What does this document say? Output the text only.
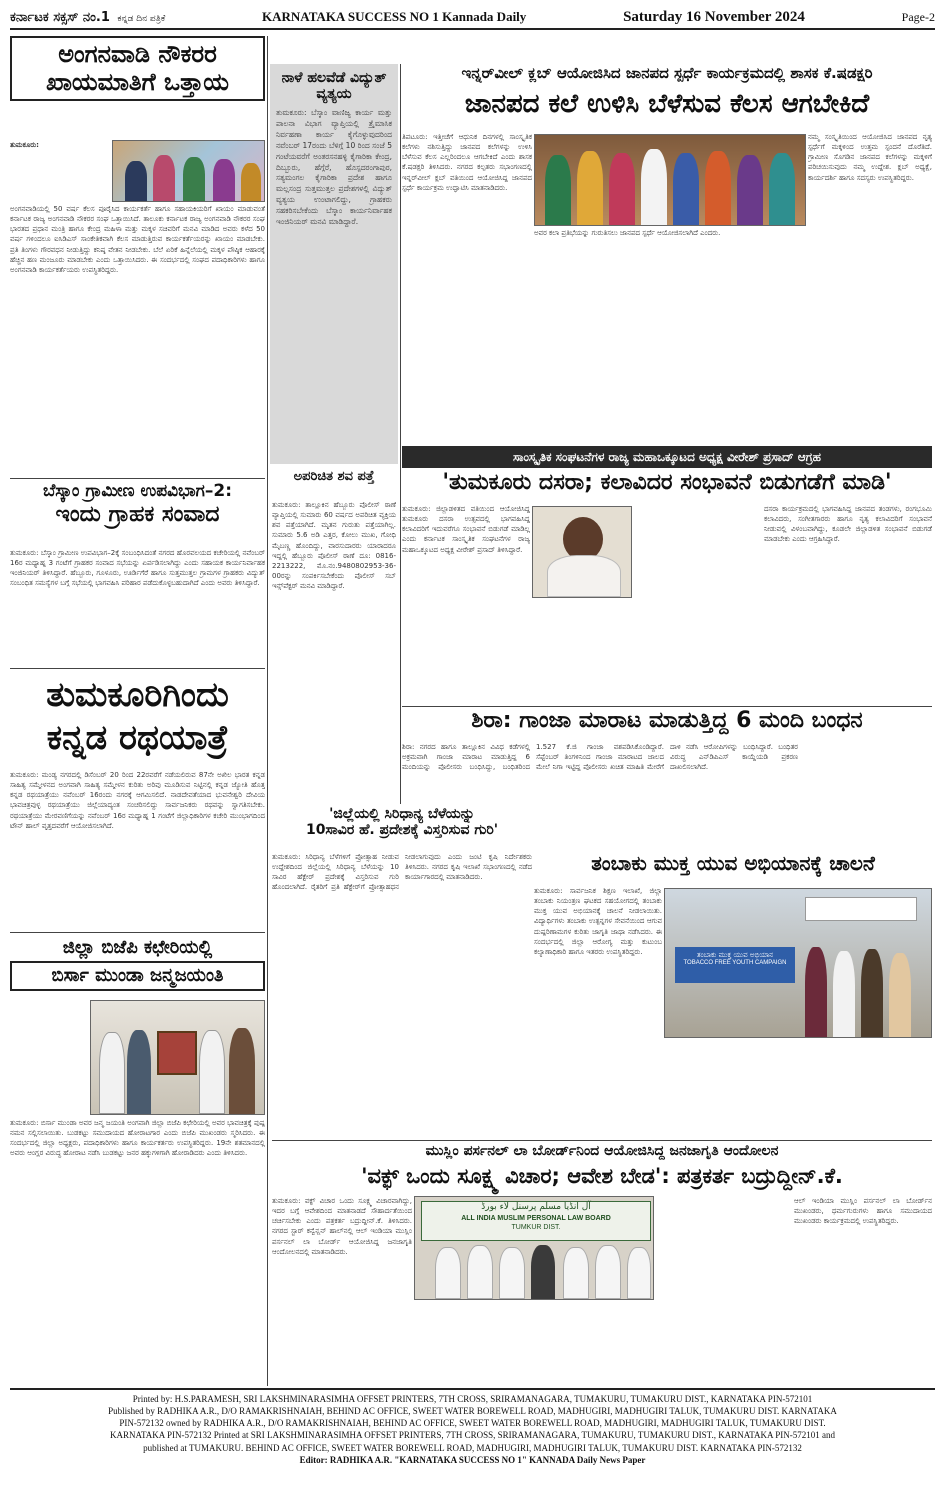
ಕರ್ನಾಟಕ ಸಕ್ಸಸ್ ನಂ.1 ಕನ್ನಡ ದಿನ ಪತ್ರಿಕೆ	KARNATAKA SUCCESS NO 1 Kannada Daily	Saturday 16 November 2024	Page-2
ಅಂಗನವಾಡಿ ನೌಕರರ
ಖಾಯಮಾತಿಗೆ ಒತ್ತಾಯ
ತುಮಕೂರು:
ಅಂಗನವಾಡಿಯಲ್ಲಿ 50 ವರ್ಷ ಕೆಲಸ ಪೂರೈಸಿದ ಕಾರ್ಯಕರ್ತೆ ಹಾಗೂ ಸಹಾಯಕಿಯರಿಗೆ ಖಾಯಂ ಮಾಡುವಂತೆ ಕರ್ನಾಟಕ ರಾಜ್ಯ ಅಂಗನವಾಡಿ ನೌಕರರ ಸಂಘ ಒತ್ತಾಯಿಸಿದೆ. ತಾಲೂಕು ಕರ್ನಾಟಕ ರಾಜ್ಯ ಅಂಗನವಾಡಿ ನೌಕರರ ಸಂಘ ಭಾರತದ ಪ್ರಧಾನ ಮಂತ್ರಿ ಹಾಗೂ ಕೇಂದ್ರ ಮಹಿಳಾ ಮತ್ತು ಮಕ್ಕಳ ಸಚಿವರಿಗೆ ಮನವಿ ಮಾಡಿದ ಅವರು ಕಳೆದ 50 ವರ್ಷ ಗಳಿಂದಲೂ ಐಸಿಡಿಎಸ್ ಸಾಂಕೇತಿಕವಾಗಿ ಕೆಲಸ ಮಾಡುತ್ತಿರುವ ಕಾರ್ಯಕರ್ತೆಯರನ್ನು ಖಾಯಂ ಮಾಡಬೇಕು. ಪ್ರತಿ ತಿಂಗಳು ಗೌರವಧನ ನೀಡುತ್ತಿದ್ದು ಕನಿಷ್ಠ ವೇತನ ನೀಡಬೇಕು. ಬೆಲೆ ಏರಿಕೆ ಹಿನ್ನೆಲೆಯಲ್ಲಿ ಮಕ್ಕಳ ಪೌಷ್ಠಿಕ ಆಹಾರಕ್ಕೆ ಹೆಚ್ಚಿನ ಹಣ ಮಂಜೂರು ಮಾಡಬೇಕು ಎಂದು ಒತ್ತಾಯಿಸಿದರು. ಈ ಸಂದರ್ಭದಲ್ಲಿ ಸಂಘದ ಪದಾಧಿಕಾರಿಗಳು ಹಾಗೂ ಅಂಗನವಾಡಿ ಕಾರ್ಯಕರ್ತೆಯರು ಉಪಸ್ಥಿತರಿದ್ದರು.
ಬೆಸ್ಕಾಂ ಗ್ರಾಮೀಣ ಉಪವಿಭಾಗ–2:
ಇಂದು ಗ್ರಾಹಕ ಸಂವಾದ
ತುಮಕೂರು: ಬೆಸ್ಕಾಂ ಗ್ರಾಮೀಣ ಉಪವಿಭಾಗ–2ಕ್ಕೆ ಸಂಬಂಧಿಸಿದಂತೆ ನಗರದ ಹೊರವಲಯದ ಕಚೇರಿಯಲ್ಲಿ ನವೆಂಬರ್ 16ರ ಮಧ್ಯಾಹ್ನ 3 ಗಂಟೆಗೆ ಗ್ರಾಹಕರ ಸಂವಾದ ಸಭೆಯನ್ನು ಏರ್ಪಡಿಸಲಾಗಿದ್ದು ಎಂದು ಸಹಾಯಕ ಕಾರ್ಯನಿರ್ವಾಹಕ ಇಂಜಿನಿಯರ್ ತಿಳಿಸಿದ್ದಾರೆ. ಹೆಬ್ಬೂರು, ಗೂಳೂರು, ಊರ್ಡಿಗೆರೆ ಹಾಗೂ ಸುತ್ತಮುತ್ತಲ ಗ್ರಾಮಗಳ ಗ್ರಾಹಕರು ವಿದ್ಯುತ್ ಸಂಬಂಧಿತ ಸಮಸ್ಯೆಗಳ ಬಗ್ಗೆ ಸಭೆಯಲ್ಲಿ ಭಾಗವಹಿಸಿ ಪರಿಹಾರ ಪಡೆದುಕೊಳ್ಳಬಹುದಾಗಿದೆ ಎಂದು ಅವರು ತಿಳಿಸಿದ್ದಾರೆ.
ತುಮಕೂರಿಗಿಂದು
ಕನ್ನಡ ರಥಯಾತ್ರೆ
ತುಮಕೂರು: ಮಂಡ್ಯ ನಗರದಲ್ಲಿ ಡಿಸೆಂಬರ್ 20 ರಿಂದ 22ರವರೆಗೆ ನಡೆಯಲಿರುವ 87ನೇ ಅಖಿಲ ಭಾರತ ಕನ್ನಡ ಸಾಹಿತ್ಯ ಸಮ್ಮೇಳನದ ಅಂಗವಾಗಿ ಸಾಹಿತ್ಯ ಸಮ್ಮೇಳನ ಕುರಿತು ಅರಿವು ಮೂಡಿಸುವ ನಿಟ್ಟಿನಲ್ಲಿ ಕನ್ನಡ ಜ್ಯೋತಿ ಹೊತ್ತ ಕನ್ನಡ ರಥಯಾತ್ರೆಯು ನವೆಂಬರ್ 16ರಂದು ನಗರಕ್ಕೆ ಆಗಮಿಸಲಿದೆ. ನಾಡದೇವತೆಯಾದ ಭುವನೇಶ್ವರಿ ದೇವಿಯ ಭಾವಚಿತ್ರವುಳ್ಳ ರಥಯಾತ್ರೆಯು ಜಿಲ್ಲೆಯಾದ್ಯಂತ ಸಂಚರಿಸಲಿದ್ದು ಸಾರ್ವಜನಿಕರು ರಥವನ್ನು ಸ್ವಾಗತಿಸಬೇಕು. ರಥಯಾತ್ರೆಯು ಮೇರವಣಿಗೆಯನ್ನು ನವೆಂಬರ್ 16ರ ಮಧ್ಯಾಹ್ನ 1 ಗಂಟೆಗೆ ಜಿಲ್ಲಾಧಿಕಾರಿಗಳ ಕಚೇರಿ ಮುಂಭಾಗದಿಂದ ಟೌನ್ ಹಾಲ್ ವೃತ್ತದವರೆಗೆ ಆಯೋಜಿಸಲಾಗಿದೆ.
ಜಿಲ್ಲಾ ಬಿಜೆಪಿ ಕಛೇರಿಯಲ್ಲಿ
ಬಿರ್ಸಾ ಮುಂಡಾ ಜನ್ಮಜಯಂತಿ
ತುಮಕೂರು: ಬಿರ್ಸಾ ಮುಂಡಾ ಅವರ ಜನ್ಮ ಜಯಂತಿ ಅಂಗವಾಗಿ ಜಿಲ್ಲಾ ಬಿಜೆಪಿ ಕಛೇರಿಯಲ್ಲಿ ಅವರ ಭಾವಚಿತ್ರಕ್ಕೆ ಪುಷ್ಪ ನಮನ ಸಲ್ಲಿಸಲಾಯಿತು. ಬುಡಕಟ್ಟು ಸಮುದಾಯದ ಹೋರಾಟಗಾರ ಎಂದು ಬಿಜೆಪಿ ಮುಖಂಡರು ಸ್ಮರಿಸಿದರು. ಈ ಸಂದರ್ಭದಲ್ಲಿ ಜಿಲ್ಲಾ ಅಧ್ಯಕ್ಷರು, ಪದಾಧಿಕಾರಿಗಳು ಹಾಗೂ ಕಾರ್ಯಕರ್ತರು ಉಪಸ್ಥಿತರಿದ್ದರು. 19ನೇ ಶತಮಾನದಲ್ಲಿ ಅವರು ಆಂಗ್ಲರ ವಿರುದ್ಧ ಹೋರಾಟ ನಡೆಸಿ ಬುಡಕಟ್ಟು ಜನರ ಹಕ್ಕುಗಳಿಗಾಗಿ ಹೋರಾಡಿದರು ಎಂದು ತಿಳಿಸಿದರು.
ನಾಳೆ ಹಲವೆಡೆ ವಿದ್ಯುತ್ ವ್ಯತ್ಯಯ
ತುಮಕೂರು: ಬೆಸ್ಕಾಂ ವಾಣಿಜ್ಯ ಕಾರ್ಯ ಮತ್ತು ಪಾಲನಾ ವಿಭಾಗ ವ್ಯಾಪ್ತಿಯಲ್ಲಿ ತ್ರೈಮಾಸಿಕ ನಿರ್ವಹಣಾ ಕಾರ್ಯ ಕೈಗೊಳ್ಳುವುದರಿಂದ ನವೆಂಬರ್ 17ರಂದು ಬೆಳಿಗ್ಗೆ 10 ರಿಂದ ಸಂಜೆ 5 ಗಂಟೆಯವರೆಗೆ ಅಂತರಸನಹಳ್ಳಿ ಕೈಗಾರಿಕಾ ಕೇಂದ್ರ, ದಿಬ್ಬೂರು, ಹೆಗ್ಗೆರೆ, ಹೊಸ್ಪದರಂಗಾಪುರ, ಸತ್ಯಮಂಗಲ ಕೈಗಾರಿಕಾ ಪ್ರದೇಶ ಹಾಗೂ ಮಲ್ಲಸಂದ್ರ ಸುತ್ತಮುತ್ತಲ ಪ್ರದೇಶಗಳಲ್ಲಿ ವಿದ್ಯುತ್ ವ್ಯತ್ಯಯ ಉಂಟಾಗಲಿದ್ದು, ಗ್ರಾಹಕರು ಸಹಕರಿಸಬೇಕೆಂದು ಬೆಸ್ಕಾಂ ಕಾರ್ಯನಿರ್ವಾಹಕ ಇಂಜಿನಿಯರ್ ಮನವಿ ಮಾಡಿದ್ದಾರೆ.
ಅಪರಿಚಿತ ಶವ ಪತ್ತೆ
ತುಮಕೂರು: ತಾಲ್ಲೂಕಿನ ಹೆಬ್ಬೂರು ಪೊಲೀಸ್ ಠಾಣೆ ವ್ಯಾಪ್ತಿಯಲ್ಲಿ ಸುಮಾರು 60 ವರ್ಷದ ಅಪರಿಚಿತ ವ್ಯಕ್ತಿಯ ಶವ ಪತ್ತೆಯಾಗಿದೆ. ಮೃತನ ಗುರುತು ಪತ್ತೆಯಾಗಿಲ್ಲ. ಸುಮಾರು 5.6 ಅಡಿ ಎತ್ತರ, ಕೋಲು ಮುಖ, ಗೋಧಿ ಮೈಬಣ್ಣ ಹೊಂದಿದ್ದು, ವಾರಸುದಾರರು ಯಾರಾದರೂ ಇದ್ದಲ್ಲಿ ಹೆಬ್ಬೂರು ಪೊಲೀಸ್ ಠಾಣೆ ದೂ: 0816-2213222, ಮೊ.ನಂ.9480802953-36-00ರನ್ನು ಸಂಪರ್ಕಿಸಬೇಕೆಂದು ಪೊಲೀಸ್ ಸಬ್ ಇನ್ಸ್‌ಪೆಕ್ಟರ್ ಮನವಿ ಮಾಡಿದ್ದಾರೆ.
ಇನ್ನರ್‌ವೀಲ್ ಕ್ಲಬ್ ಆಯೋಜಿಸಿದ ಜಾನಪದ ಸ್ಪರ್ಧೆ ಕಾರ್ಯಕ್ರಮದಲ್ಲಿ ಶಾಸಕ ಕೆ.ಷಡಕ್ಷರಿ
ಜಾನಪದ ಕಲೆ ಉಳಿಸಿ ಬೆಳೆಸುವ ಕೆಲಸ ಆಗಬೇಕಿದೆ
ತಿಪಟೂರು: ಇತ್ತೀಚೆಗೆ ಆಧುನಿಕ ದಿನಗಳಲ್ಲಿ ಸಾಂಸ್ಕೃತಿಕ ಕಲೆಗಳು ನಶಿಸುತ್ತಿದ್ದು ಜಾನಪದ ಕಲೆಗಳನ್ನು ಉಳಿಸಿ ಬೆಳೆಸುವ ಕೆಲಸ ಎಲ್ಲರಿಂದಲೂ ಆಗಬೇಕಿದೆ ಎಂದು ಶಾಸಕ ಕೆ.ಷಡಕ್ಷರಿ ತಿಳಿಸಿದರು. ನಗರದ ಕಲ್ಪತರು ಸಭಾಂಗಣದಲ್ಲಿ ಇನ್ನರ್‌ವೀಲ್ ಕ್ಲಬ್ ವತಿಯಿಂದ ಆಯೋಜಿಸಿದ್ದ ಜಾನಪದ ಸ್ಪರ್ಧೆ ಕಾರ್ಯಕ್ರಮ ಉದ್ಘಾಟಿಸಿ ಮಾತನಾಡಿದರು.
ಅವರ ಕಲಾ ಪ್ರತಿಭೆಯನ್ನು ಗುರುತಿಸಲು ಜಾನಪದ ಸ್ಪರ್ಧೆ ಆಯೋಜಿಸಲಾಗಿದೆ ಎಂದರು.
ನಮ್ಮ ಸಂಸ್ಕೃತಿಯಿಂದ ಆಯೋಜಿಸಿದ ಜಾನಪದ ನೃತ್ಯ ಸ್ಪರ್ಧೆಗೆ ಮಕ್ಕಳಿಂದ ಉತ್ತಮ ಸ್ಪಂದನೆ ದೊರೆತಿದೆ. ಗ್ರಾಮೀಣ ಸೊಗಡಿನ ಜಾನಪದ ಕಲೆಗಳನ್ನು ಮಕ್ಕಳಿಗೆ ಪರಿಚಯಿಸುವುದು ನಮ್ಮ ಉದ್ದೇಶ. ಕ್ಲಬ್ ಅಧ್ಯಕ್ಷೆ, ಕಾರ್ಯದರ್ಶಿ ಹಾಗೂ ಸದಸ್ಯರು ಉಪಸ್ಥಿತರಿದ್ದರು.
ಸಾಂಸ್ಕೃತಿಕ ಸಂಘಟನೆಗಳ ರಾಜ್ಯ ಮಹಾಒಕ್ಕೂಟದ ಅಧ್ಯಕ್ಷ ವೀರೇಶ್ ಪ್ರಸಾದ್ ಆಗ್ರಹ
'ತುಮಕೂರು ದಸರಾ; ಕಲಾವಿದರ ಸಂಭಾವನೆ ಬಿಡುಗಡೆಗೆ ಮಾಡಿ'
ತುಮಕೂರು: ಜಿಲ್ಲಾಡಳಿತದ ವತಿಯಿಂದ ಆಯೋಜಿಸಿದ್ದ ತುಮಕೂರು ದಸರಾ ಉತ್ಸವದಲ್ಲಿ ಭಾಗವಹಿಸಿದ್ದ ಕಲಾವಿದರಿಗೆ ಇದುವರೆಗೂ ಸಂಭಾವನೆ ಬಿಡುಗಡೆ ಮಾಡಿಲ್ಲ ಎಂದು ಕರ್ನಾಟಕ ಸಾಂಸ್ಕೃತಿಕ ಸಂಘಟನೆಗಳ ರಾಜ್ಯ ಮಹಾಒಕ್ಕೂಟದ ಅಧ್ಯಕ್ಷ ವೀರೇಶ್ ಪ್ರಸಾದ್ ತಿಳಿಸಿದ್ದಾರೆ.
ದಸರಾ ಕಾರ್ಯಕ್ರಮದಲ್ಲಿ ಭಾಗವಹಿಸಿದ್ದ ಜಾನಪದ ತಂಡಗಳು, ರಂಗಭೂಮಿ ಕಲಾವಿದರು, ಸಂಗೀತಗಾರರು ಹಾಗೂ ನೃತ್ಯ ಕಲಾವಿದರಿಗೆ ಸಂಭಾವನೆ ನೀಡುವಲ್ಲಿ ವಿಳಂಬವಾಗಿದ್ದು, ಕೂಡಲೇ ಜಿಲ್ಲಾಡಳಿತ ಸಂಭಾವನೆ ಬಿಡುಗಡೆ ಮಾಡಬೇಕು ಎಂದು ಆಗ್ರಹಿಸಿದ್ದಾರೆ.
ಶಿರಾ: ಗಾಂಜಾ ಮಾರಾಟ ಮಾಡುತ್ತಿದ್ದ 6 ಮಂದಿ ಬಂಧನ
ಶಿರಾ: ನಗರದ ಹಾಗೂ ತಾಲ್ಲೂಕಿನ ವಿವಿಧ ಕಡೆಗಳಲ್ಲಿ ಅಕ್ರಮವಾಗಿ ಗಾಂಜಾ ಮಾರಾಟ ಮಾಡುತ್ತಿದ್ದ 6 ಮಂದಿಯನ್ನು ಪೊಲೀಸರು ಬಂಧಿಸಿದ್ದು, ಬಂಧಿತರಿಂದ 1.527 ಕೆ.ಜಿ ಗಾಂಜಾ ವಶಪಡಿಸಿಕೊಂಡಿದ್ದಾರೆ. ಸೆಪ್ಟೆಂಬರ್ ತಿಂಗಳಿನಿಂದ ಗಾಂಜಾ ಮಾರಾಟದ ಜಾಲದ ಮೇಲೆ ನಿಗಾ ಇಟ್ಟಿದ್ದ ಪೊಲೀಸರು ಖಚಿತ ಮಾಹಿತಿ ಮೇರೆಗೆ ದಾಳಿ ನಡೆಸಿ ಆರೋಪಿಗಳನ್ನು ಬಂಧಿಸಿದ್ದಾರೆ. ಬಂಧಿತರ ವಿರುದ್ಧ ಎನ್‌ಡಿಪಿಎಸ್ ಕಾಯ್ದೆಯಡಿ ಪ್ರಕರಣ ದಾಖಲಿಸಲಾಗಿದೆ.
'ಜಿಲ್ಲೆಯಲ್ಲಿ ಸಿರಿಧಾನ್ಯ ಬೆಳೆಯನ್ನು
10ಸಾವಿರ ಹೆ. ಪ್ರದೇಶಕ್ಕೆ ವಿಸ್ತರಿಸುವ ಗುರಿ'
ತುಮಕೂರು: ಸಿರಿಧಾನ್ಯ ಬೆಳೆಗಳಿಗೆ ಪ್ರೋತ್ಸಾಹ ನೀಡುವ ಉದ್ದೇಶದಿಂದ ಜಿಲ್ಲೆಯಲ್ಲಿ ಸಿರಿಧಾನ್ಯ ಬೆಳೆಯನ್ನು 10 ಸಾವಿರ ಹೆಕ್ಟೇರ್ ಪ್ರದೇಶಕ್ಕೆ ವಿಸ್ತರಿಸುವ ಗುರಿ ಹೊಂದಲಾಗಿದೆ. ರೈತರಿಗೆ ಪ್ರತಿ ಹೆಕ್ಟೇರ್‌ಗೆ ಪ್ರೋತ್ಸಾಹಧನ ನೀಡಲಾಗುವುದು ಎಂದು ಜಂಟಿ ಕೃಷಿ ನಿರ್ದೇಶಕರು ತಿಳಿಸಿದರು. ನಗರದ ಕೃಷಿ ಇಲಾಖೆ ಸಭಾಂಗಣದಲ್ಲಿ ನಡೆದ ಕಾರ್ಯಾಗಾರದಲ್ಲಿ ಮಾತನಾಡಿದರು.
ತಂಬಾಕು ಮುಕ್ತ ಯುವ ಅಭಿಯಾನಕ್ಕೆ ಚಾಲನೆ
ತುಮಕೂರು: ಸಾರ್ವಜನಿಕ ಶಿಕ್ಷಣ ಇಲಾಖೆ, ಜಿಲ್ಲಾ ತಂಬಾಕು ನಿಯಂತ್ರಣ ಘಟಕದ ಸಹಯೋಗದಲ್ಲಿ ತಂಬಾಕು ಮುಕ್ತ ಯುವ ಅಭಿಯಾನಕ್ಕೆ ಚಾಲನೆ ನೀಡಲಾಯಿತು. ವಿದ್ಯಾರ್ಥಿಗಳು ತಂಬಾಕು ಉತ್ಪನ್ನಗಳ ಸೇವನೆಯಿಂದ ಆಗುವ ದುಷ್ಪರಿಣಾಮಗಳ ಕುರಿತು ಜಾಗೃತಿ ಜಾಥಾ ನಡೆಸಿದರು. ಈ ಸಂದರ್ಭದಲ್ಲಿ ಜಿಲ್ಲಾ ಆರೋಗ್ಯ ಮತ್ತು ಕುಟುಂಬ ಕಲ್ಯಾಣಾಧಿಕಾರಿ ಹಾಗೂ ಇತರರು ಉಪಸ್ಥಿತರಿದ್ದರು.	ತಂಬಾಕು ಮುಕ್ತ ಯುವ ಅಭಿಯಾನ
TOBACCO FREE YOUTH CAMPAIGN
ಮುಸ್ಲಿಂ ಪರ್ಸನಲ್ ಲಾ ಬೋರ್ಡ್‌ನಿಂದ ಆಯೋಜಿಸಿದ್ದ ಜನಜಾಗೃತಿ ಆಂದೋಲನ
'ವಕ್ಫ್ ಒಂದು ಸೂಕ್ಷ್ಮ ವಿಚಾರ; ಆವೇಶ ಬೇಡ': ಪತ್ರಕರ್ತ ಬದ್ರುದ್ದೀನ್.ಕೆ.
ತುಮಕೂರು: ವಕ್ಫ್ ವಿಚಾರ ಒಂದು ಸೂಕ್ಷ್ಮ ವಿಚಾರವಾಗಿದ್ದು, ಇದರ ಬಗ್ಗೆ ಆವೇಶದಿಂದ ಮಾತನಾಡದೆ ಸೌಹಾರ್ದತೆಯಿಂದ ಚರ್ಚಿಸಬೇಕು ಎಂದು ಪತ್ರಕರ್ತ ಬದ್ರುದ್ದೀನ್.ಕೆ. ತಿಳಿಸಿದರು. ನಗರದ ಸ್ಟಾರ್ ಕನ್ವೆನ್ಷನ್ ಹಾಲ್‌ನಲ್ಲಿ ಆಲ್ ಇಂಡಿಯಾ ಮುಸ್ಲಿಂ ಪರ್ಸನಲ್ ಲಾ ಬೋರ್ಡ್ ಆಯೋಜಿಸಿದ್ದ ಜನಜಾಗೃತಿ ಆಂದೋಲನದಲ್ಲಿ ಮಾತನಾಡಿದರು.
آل انڈیا مسلم پرسنل لاء بورڈ
ALL INDIA MUSLIM PERSONAL LAW BOARD
TUMKUR DIST.
ಆಲ್ ಇಂಡಿಯಾ ಮುಸ್ಲಿಂ ಪರ್ಸನಲ್ ಲಾ ಬೋರ್ಡ್‌ನ ಮುಖಂಡರು, ಧರ್ಮಗುರುಗಳು ಹಾಗೂ ಸಮುದಾಯದ ಮುಖಂಡರು ಕಾರ್ಯಕ್ರಮದಲ್ಲಿ ಉಪಸ್ಥಿತರಿದ್ದರು.
Printed by: H.S.PARAMESH, SRI LAKSHMINARASIMHA OFFSET PRINTERS, 7TH CROSS, SRIRAMANAGARA, TUMAKURU, TUMAKURU DIST., KARNATAKA PIN-572101
Published by RADHIKA A.R., D/O RAMAKRISHNAIAH, BEHIND AC OFFICE, SWEET WATER BOREWELL ROAD, MADHUGIRI, MADHUGIRI TALUK, TUMAKURU DIST. KARNATAKA
PIN-572132 owned by RADHIKA A.R., D/O RAMAKRISHNAIAH, BEHIND AC OFFICE, SWEET WATER BOREWELL ROAD, MADHUGIRI, MADHUGIRI TALUK, TUMAKURU DIST.
KARNATAKA PIN-572132 Printed at SRI LAKSHMINARASIMHA OFFSET PRINTERS, 7TH CROSS, SRIRAMANAGARA, TUMAKURU, TUMAKURU DIST., KARNATAKA PIN-572101 and
published at TUMAKURU. BEHIND AC OFFICE, SWEET WATER BOREWELL ROAD, MADHUGIRI, MADHUGIRI TALUK, TUMAKURU DIST. KARNATAKA PIN-572132
Editor: RADHIKA A.R. "KARNATAKA SUCCESS NO 1" KANNADA Daily News Paper
